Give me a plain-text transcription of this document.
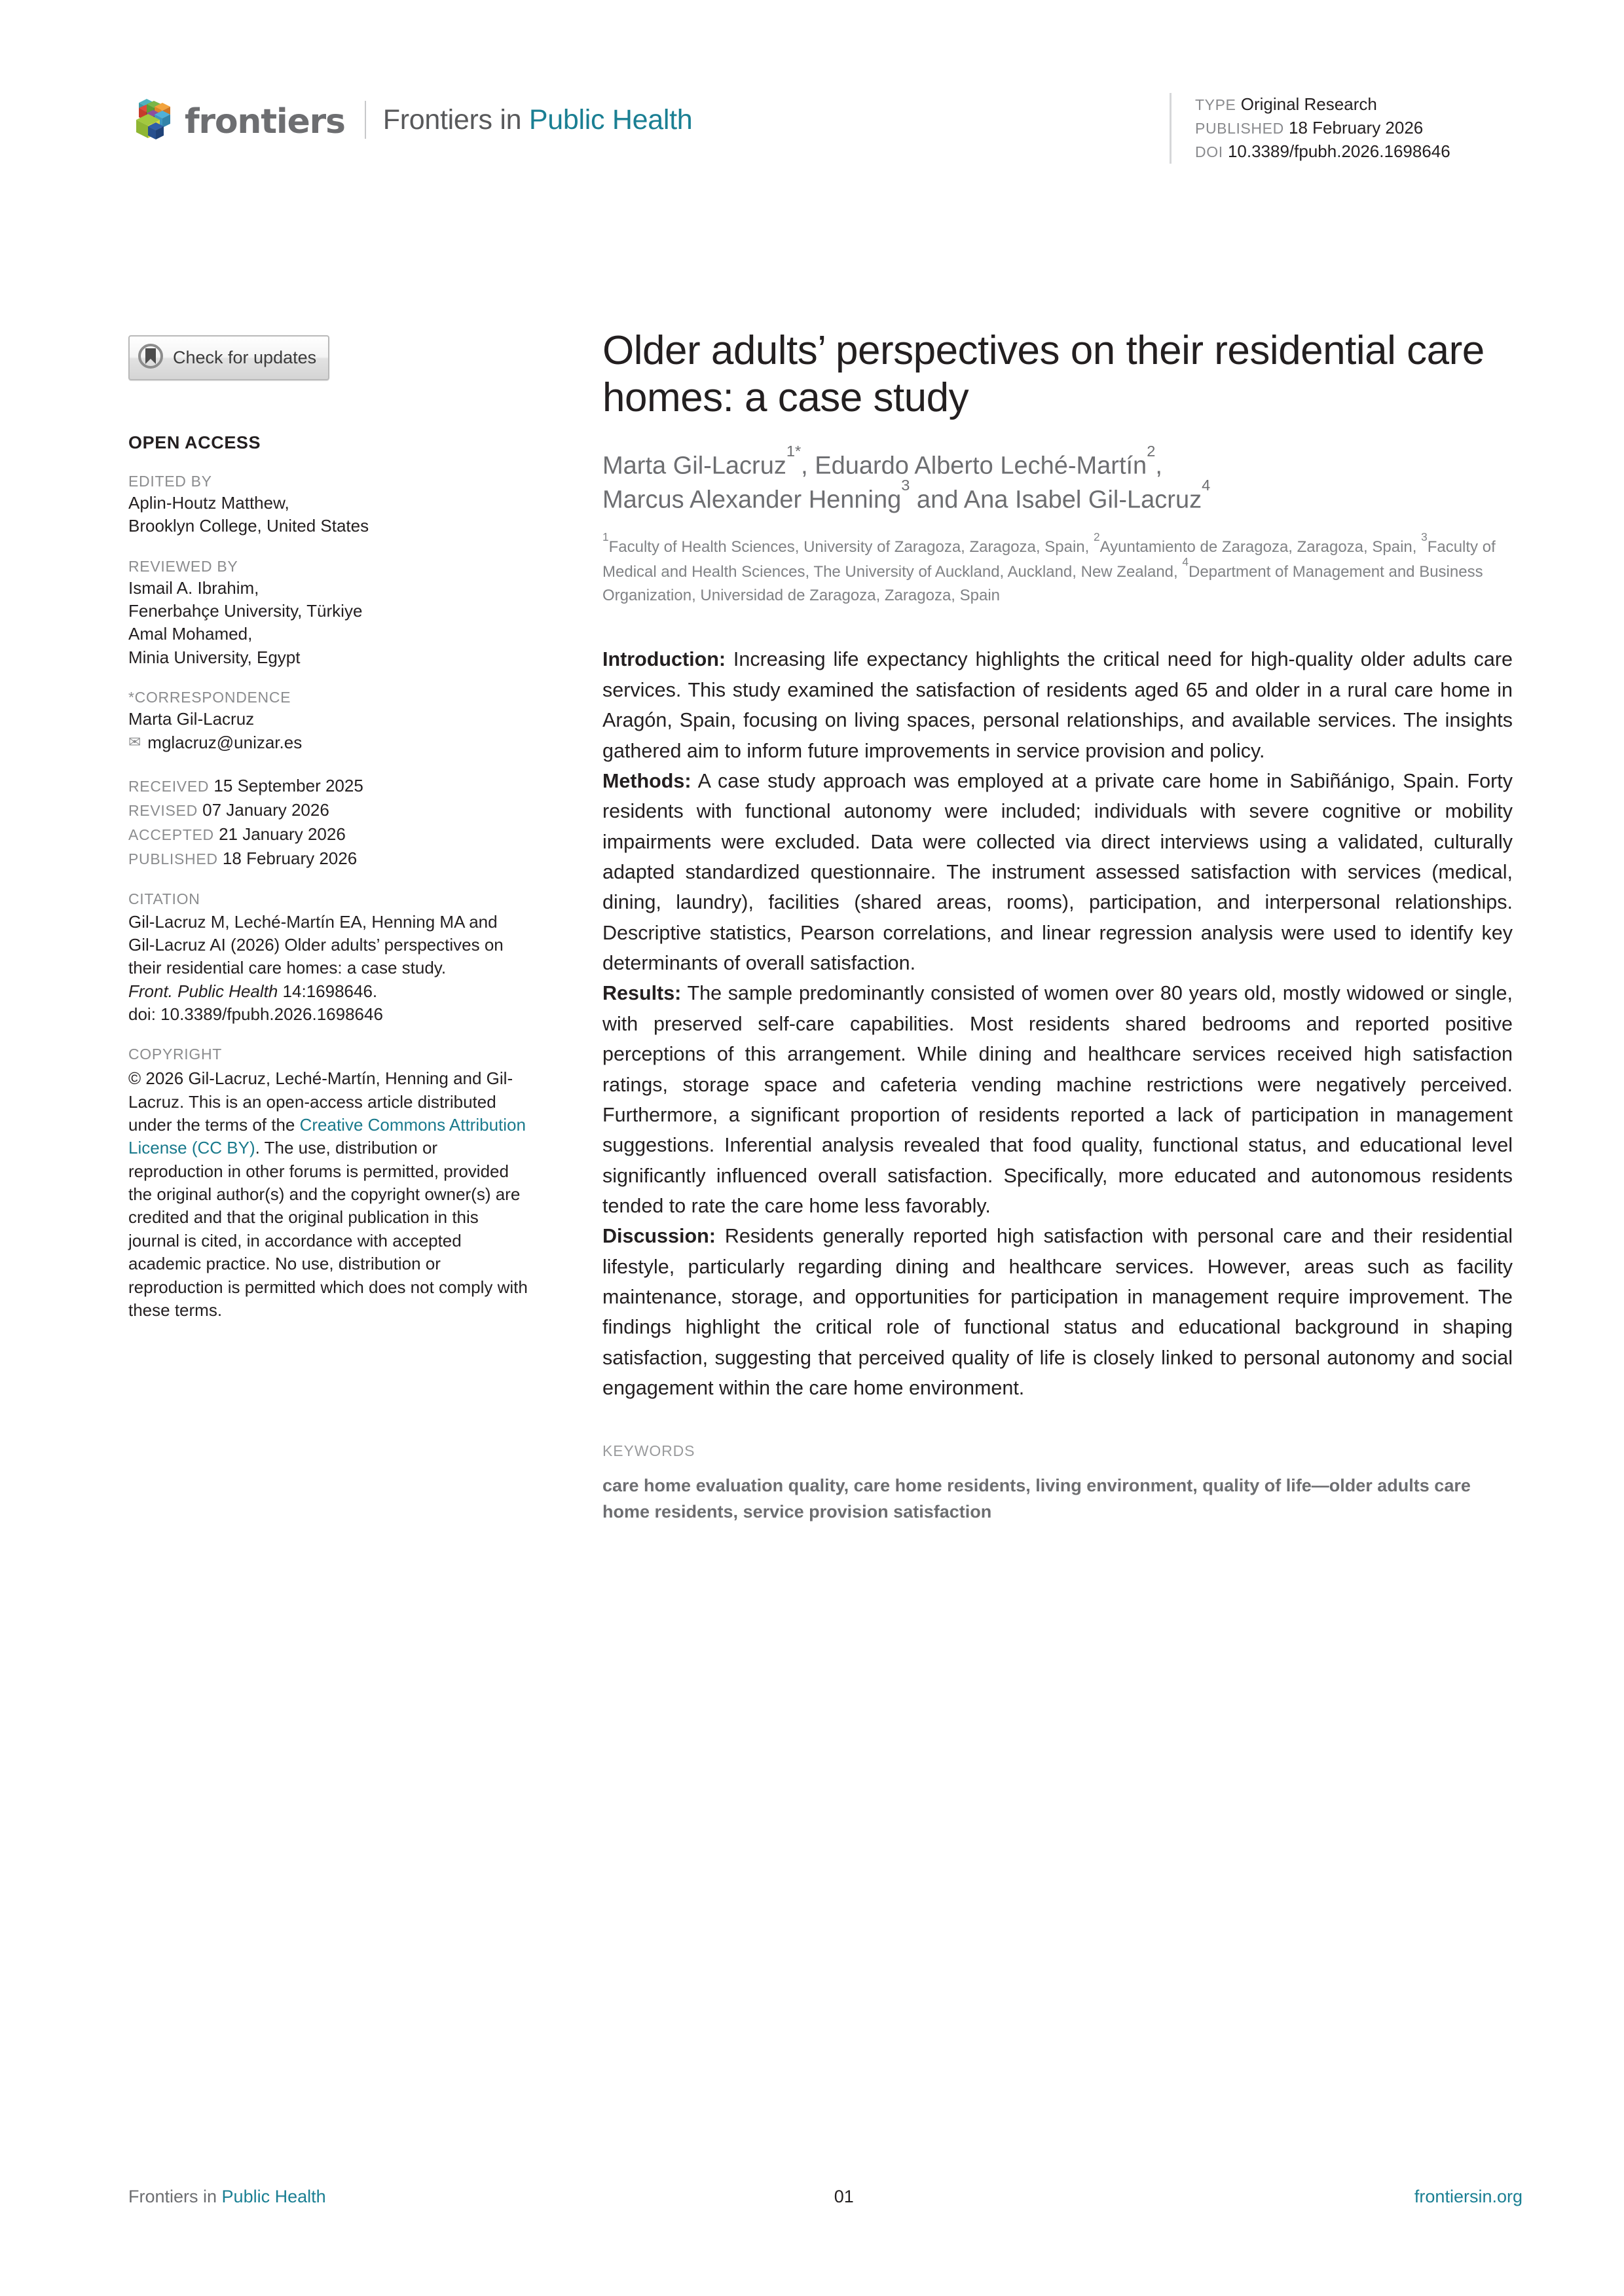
frontiers Frontiers in Public Health	TYPE Original Research
PUBLISHED 18 February 2026
DOI 10.3389/fpubh.2026.1698646
Check for updates
OPEN ACCESS
EDITED BY
Aplin-Houtz Matthew,
Brooklyn College, United States
REVIEWED BY
Ismail A. Ibrahim,
Fenerbahçe University, Türkiye
Amal Mohamed,
Minia University, Egypt
*CORRESPONDENCE
Marta Gil-Lacruz
✉ mglacruz@unizar.es
RECEIVED 15 September 2025
REVISED 07 January 2026
ACCEPTED 21 January 2026
PUBLISHED 18 February 2026
CITATION
Gil-Lacruz M, Leché-Martín EA, Henning MA and Gil-Lacruz AI (2026) Older adults’ perspectives on their residential care homes: a case study.
Front. Public Health 14:1698646.
doi: 10.3389/fpubh.2026.1698646
COPYRIGHT
© 2026 Gil-Lacruz, Leché-Martín, Henning and Gil-Lacruz. This is an open-access article distributed under the terms of the Creative Commons Attribution License (CC BY). The use, distribution or reproduction in other forums is permitted, provided the original author(s) and the copyright owner(s) are credited and that the original publication in this journal is cited, in accordance with accepted academic practice. No use, distribution or reproduction is permitted which does not comply with these terms.
Older adults’ perspectives on their residential care homes: a case study
Marta Gil-Lacruz$^{1*}$, Eduardo Alberto Leché-Martín$^2$,
Marcus Alexander Henning$^3$ and Ana Isabel Gil-Lacruz$^4$
$^1$Faculty of Health Sciences, University of Zaragoza, Zaragoza, Spain, $^2$Ayuntamiento de Zaragoza, Zaragoza, Spain, $^3$Faculty of Medical and Health Sciences, The University of Auckland, Auckland, New Zealand, $^4$Department of Management and Business Organization, Universidad de Zaragoza, Zaragoza, Spain

Introduction: Increasing life expectancy highlights the critical need for high-quality older adults care services. This study examined the satisfaction of residents aged 65 and older in a rural care home in Aragón, Spain, focusing on living spaces, personal relationships, and available services. The insights gathered aim to inform future improvements in service provision and policy.

Methods: A case study approach was employed at a private care home in Sabiñánigo, Spain. Forty residents with functional autonomy were included; individuals with severe cognitive or mobility impairments were excluded. Data were collected via direct interviews using a validated, culturally adapted standardized questionnaire. The instrument assessed satisfaction with services (medical, dining, laundry), facilities (shared areas, rooms), participation, and interpersonal relationships. Descriptive statistics, Pearson correlations, and linear regression analysis were used to identify key determinants of overall satisfaction.

Results: The sample predominantly consisted of women over 80 years old, mostly widowed or single, with preserved self-care capabilities. Most residents shared bedrooms and reported positive perceptions of this arrangement. While dining and healthcare services received high satisfaction ratings, storage space and cafeteria vending machine restrictions were negatively perceived. Furthermore, a significant proportion of residents reported a lack of participation in management suggestions. Inferential analysis revealed that food quality, functional status, and educational level significantly influenced overall satisfaction. Specifically, more educated and autonomous residents tended to rate the care home less favorably.

Discussion: Residents generally reported high satisfaction with personal care and their residential lifestyle, particularly regarding dining and healthcare services. However, areas such as facility maintenance, storage, and opportunities for participation in management require improvement. The findings highlight the critical role of functional status and educational background in shaping satisfaction, suggesting that perceived quality of life is closely linked to personal autonomy and social engagement within the care home environment.

KEYWORDS
care home evaluation quality, care home residents, living environment, quality of life—older adults care home residents, service provision satisfaction
Frontiers in Public Health	01	frontiersin.org
